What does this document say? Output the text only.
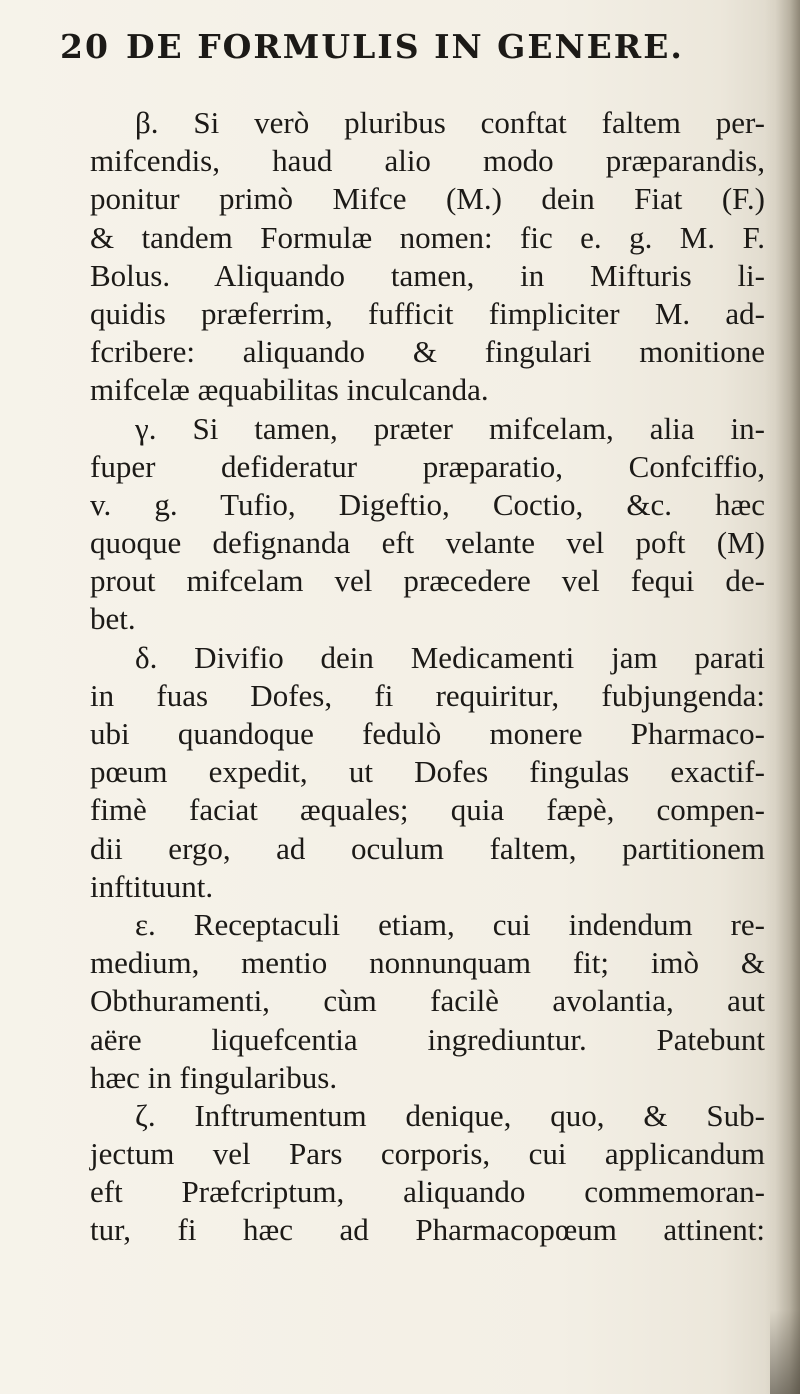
20 DE FORMULIS IN GENERE.
β. Si verò pluribus conftat faltem per-
mifcendis, haud alio modo præparandis,
ponitur primò Mifce (M.) dein Fiat (F.)
& tandem Formulæ nomen: fic e. g. M. F.
Bolus. Aliquando tamen, in Mifturis li-
quidis præferrim, fufficit fimpliciter M. ad-
fcribere: aliquando & fingulari monitione
mifcelæ æquabilitas inculcanda.
γ. Si tamen, præter mifcelam, alia in-
fuper defideratur præparatio, Confciffio,
v. g. Tufio, Digeftio, Coctio, &c. hæc
quoque defignanda eft velante vel poft (M)
prout mifcelam vel præcedere vel fequi de-
bet.
δ. Divifio dein Medicamenti jam parati
in fuas Dofes, fi requiritur, fubjungenda:
ubi quandoque fedulò monere Pharmaco-
pœum expedit, ut Dofes fingulas exactif-
fimè faciat æquales; quia fæpè, compen-
dii ergo, ad oculum faltem, partitionem
inftituunt.
ε. Receptaculi etiam, cui indendum re-
medium, mentio nonnunquam fit; imò &
Obthuramenti, cùm facilè avolantia, aut
aëre liquefcentia ingrediuntur. Patebunt
hæc in fingularibus.
ζ. Inftrumentum denique, quo, & Sub-
jectum vel Pars corporis, cui applicandum
eft Præfcriptum, aliquando commemoran-
tur, fi hæc ad Pharmacopœum attinent:
